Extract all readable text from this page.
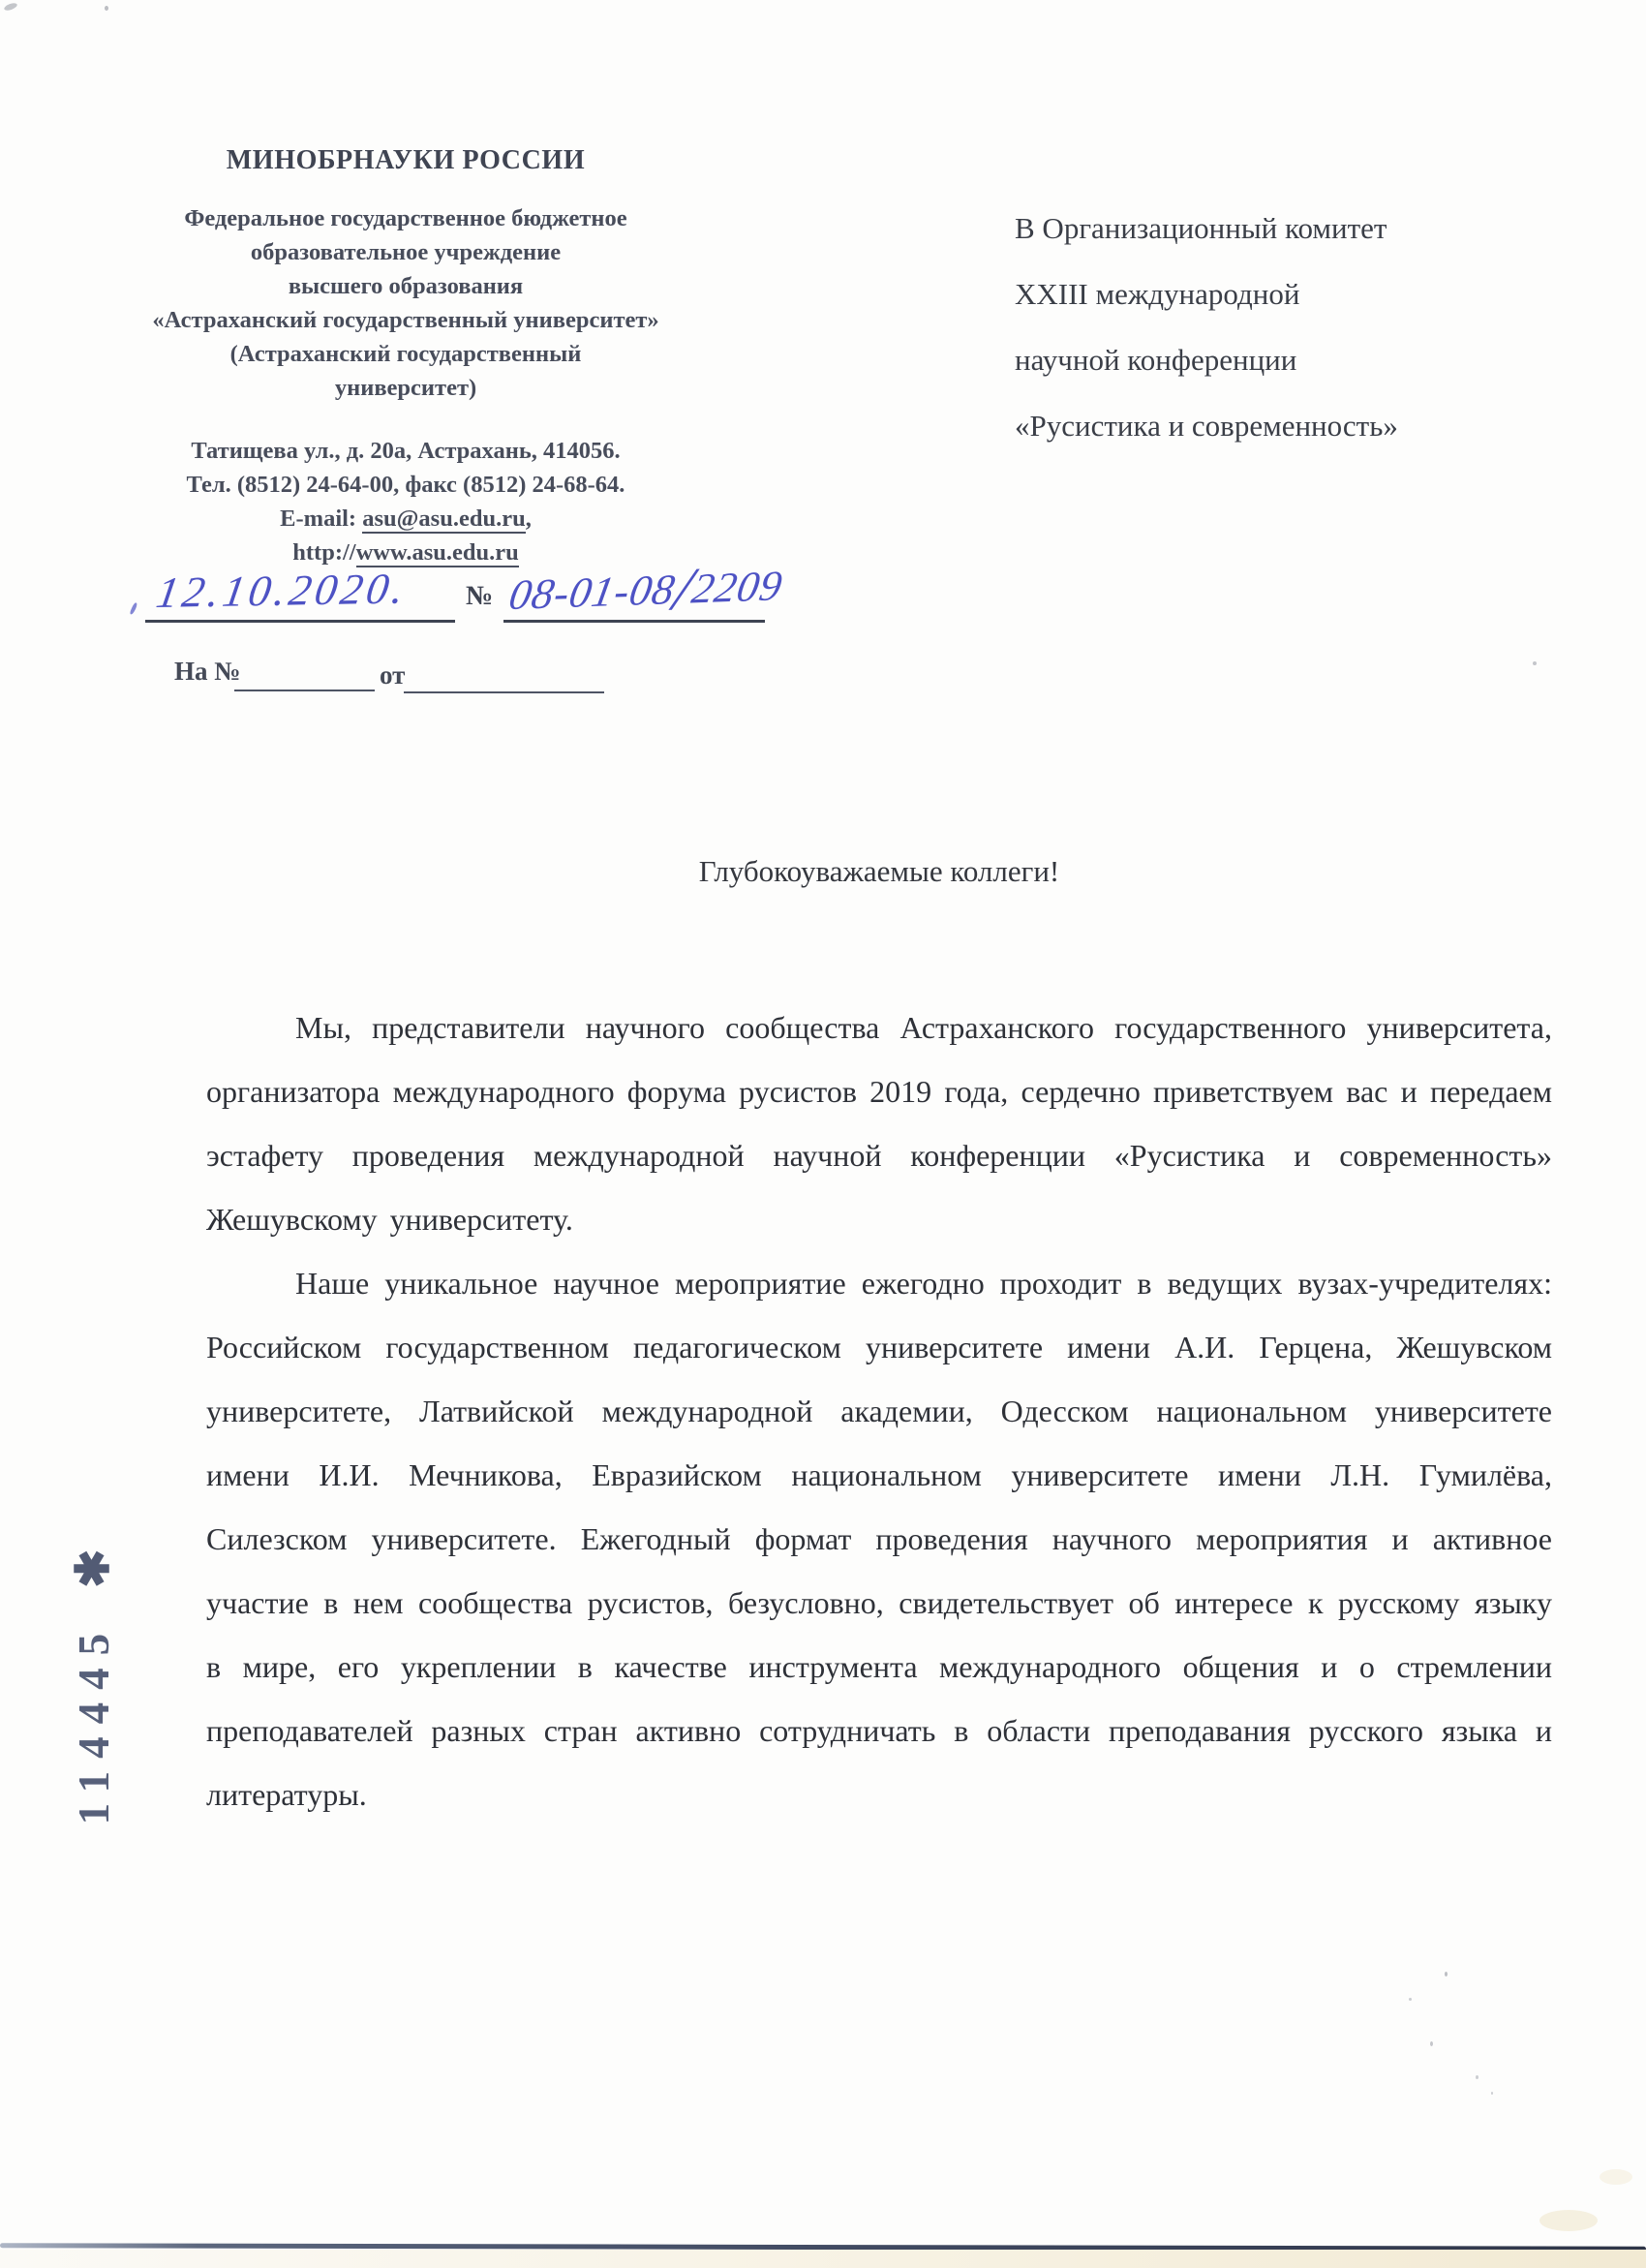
МИНОБРНАУКИ РОССИИ
Федеральное государственное бюджетное
образовательное учреждение
высшего образования
«Астраханский государственный университет»
(Астраханский государственный
университет)
Татищева ул., д. 20а, Астрахань, 414056.
Тел. (8512) 24-64-00, факс (8512) 24-68-64.
E-mail: asu@asu.edu.ru,
http://www.asu.edu.ru
12.10.2020. № 08-01-08/2209
На №	от
В Организационный комитет
XXIII международной
научной конференции
«Русистика и современность»
Глубокоуважаемые коллеги!

Мы, представители научного сообщества Астраханского государственного университета, организатора международного форума русистов 2019 года, сердечно приветствуем вас и передаем эстафету проведения международной научной конференции «Русистика и современность» Жешувскому университету.

Наше уникальное научное мероприятие ежегодно проходит в ведущих вузах-учредителях: Российском государственном педагогическом университете имени А.И. Герцена, Жешувском университете, Латвийской международной академии, Одесском национальном университете имени И.И. Мечникова, Евразийском национальном университете имени Л.Н. Гумилёва, Силезском университете. Ежегодный формат проведения научного мероприятия и активное участие в нем сообщества русистов, безусловно, свидетельствует об интересе к русскому языку в мире, его укреплении в качестве инструмента международного общения и о стремлении преподавателей разных стран активно сотрудничать в области преподавания русского языка и литературы.

114445✱
